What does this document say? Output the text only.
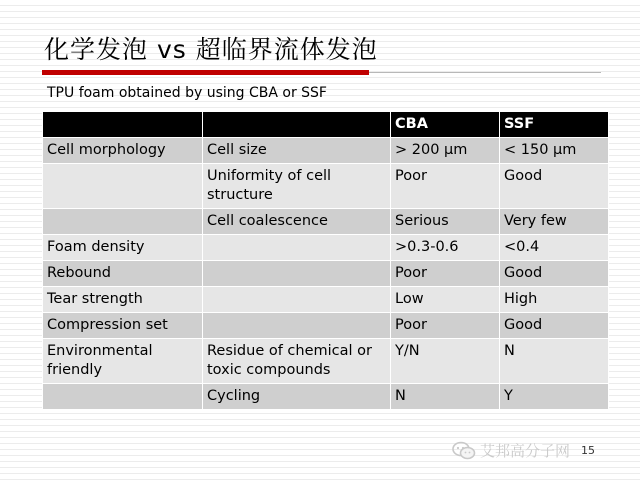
化学发泡 vs 超临界流体发泡
TPU foam obtained by using CBA or SSF
		CBA	SSF
Cell morphology	Cell size	> 200 μm	< 150 μm
	Uniformity of cell structure	Poor	Good
	Cell coalescence	Serious	Very few
Foam density		>0.3-0.6	<0.4
Rebound		Poor	Good
Tear strength		Low	High
Compression set		Poor	Good
Environmental friendly	Residue of chemical or toxic compounds	Y/N	N
	Cycling	N	Y
艾邦高分子网 15
